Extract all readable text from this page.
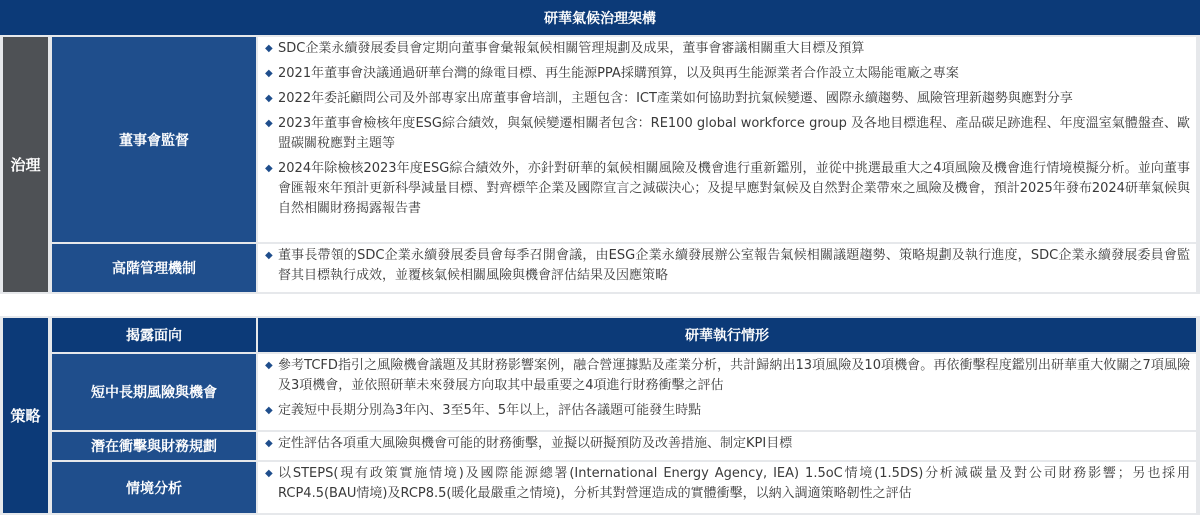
研華氣候治理架構
治理
董事會監督
◆ SDC企業永續發展委員會定期向董事會彙報氣候相關管理規劃及成果，董事會審議相關重大目標及預算
◆ 2021年董事會決議通過研華台灣的綠電目標、再生能源PPA採購預算，以及與再生能源業者合作設立太陽能電廠之專案
◆ 2022年委託顧問公司及外部專家出席董事會培訓，主題包含：ICT產業如何協助對抗氣候變遷、國際永續趨勢、風險管理新趨勢與應對分享
◆ 2023年董事會檢核年度ESG綜合績效，與氣候變遷相關者包含：RE100 global workforce group 及各地目標進程、產品碳足跡進程、年度溫室氣體盤查、歐盟碳關稅應對主題等
◆ 2024年除檢核2023年度ESG綜合績效外，亦針對研華的氣候相關風險及機會進行重新鑑別，並從中挑選最重大之4項風險及機會進行情境模擬分析。並向董事會匯報來年預計更新科學減量目標、對齊標竿企業及國際宣言之減碳決心；及提早應對氣候及自然對企業帶來之風險及機會，預計2025年發布2024研華氣候與自然相關財務揭露報告書
高階管理機制
◆ 董事長帶領的SDC企業永續發展委員會每季召開會議，由ESG企業永續發展辦公室報告氣候相關議題趨勢、策略規劃及執行進度，SDC企業永續發展委員會監督其目標執行成效，並覆核氣候相關風險與機會評估結果及因應策略
策略
揭露面向	研華執行情形
短中長期風險與機會
◆ 參考TCFD指引之風險機會議題及其財務影響案例，融合營運據點及產業分析，共計歸納出13項風險及10項機會。再依衝擊程度鑑別出研華重大攸關之7項風險及3項機會，並依照研華未來發展方向取其中最重要之4項進行財務衝擊之評估
◆ 定義短中長期分別為3年內、3至5年、5年以上，評估各議題可能發生時點
潛在衝擊與財務規劃	◆ 定性評估各項重大風險與機會可能的財務衝擊，並擬以研擬預防及改善措施、制定KPI目標
情境分析
◆ 以STEPS(現有政策實施情境)及國際能源總署(International Energy Agency, IEA) 1.5oC情境(1.5DS)分析減碳量及對公司財務影響；另也採用RCP4.5(BAU情境)及RCP8.5(暖化最嚴重之情境)，分析其對營運造成的實體衝擊，以納入調適策略韌性之評估
